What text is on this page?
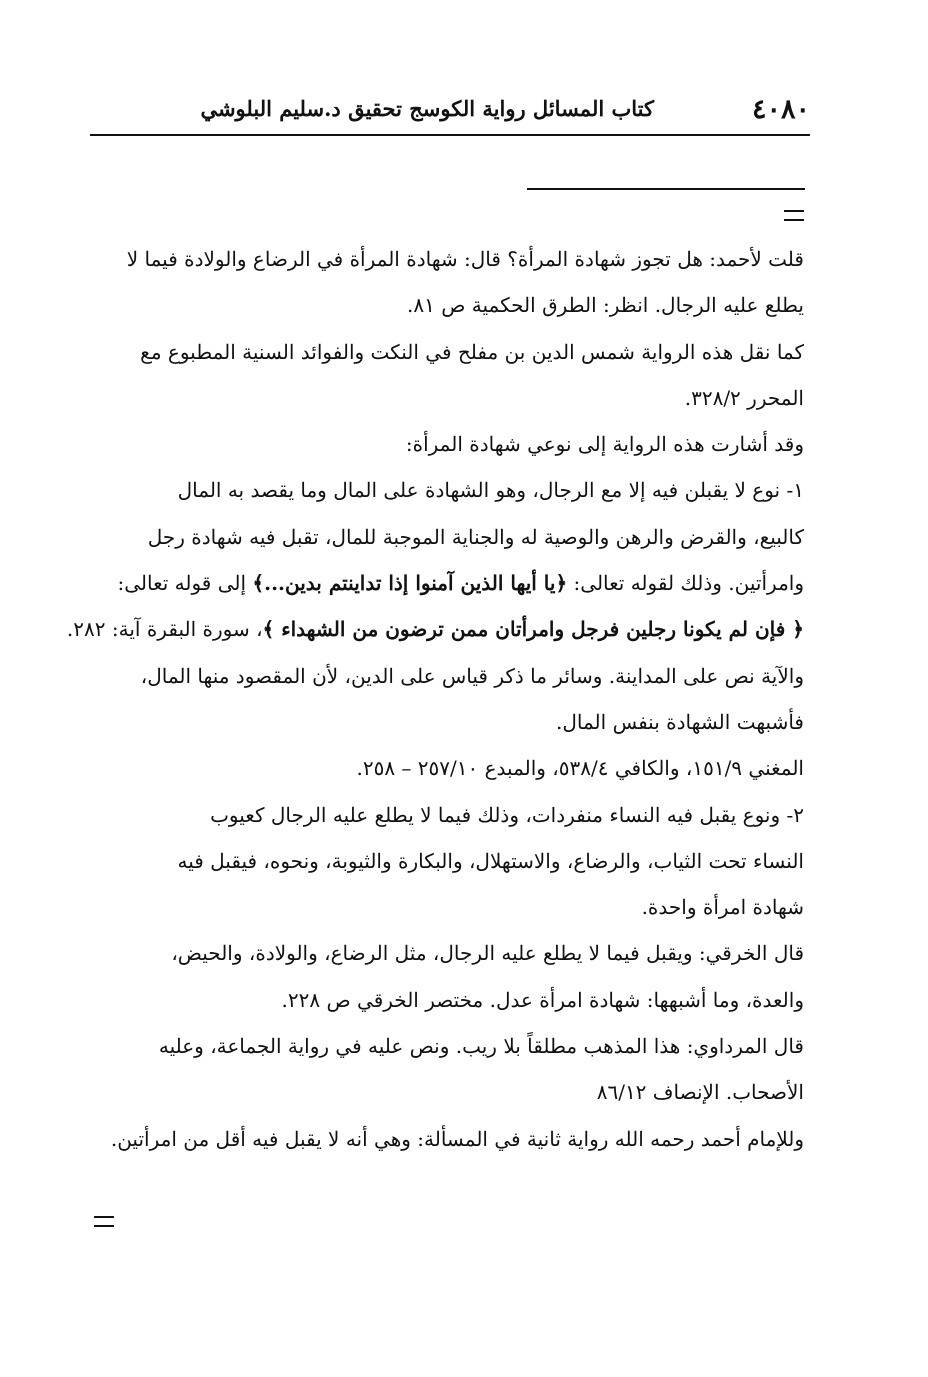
٤٠٨٠
كتاب المسائل رواية الكوسج تحقيق د.سليم البلوشي
قلت لأحمد: هل تجوز شهادة المرأة؟ قال: شهادة المرأة في الرضاع والولادة فيما لا
يطلع عليه الرجال. انظر: الطرق الحكمية ص ٨١.
كما نقل هذه الرواية شمس الدين بن مفلح في النكت والفوائد السنية المطبوع مع
المحرر ٣٢٨/٢.
وقد أشارت هذه الرواية إلى نوعي شهادة المرأة:
١- نوع لا يقبلن فيه إلا مع الرجال، وهو الشهادة على المال وما يقصد به المال
كالبيع، والقرض والرهن والوصية له والجناية الموجبة للمال، تقبل فيه شهادة رجل
وامرأتين. وذلك لقوله تعالى: ﴿يا أيها الذين آمنوا إذا تداينتم بدين...﴾ إلى قوله تعالى:
﴿ فإن لم يكونا رجلين فرجل وامرأتان ممن ترضون من الشهداء ﴾، سورة البقرة آية: ٢٨٢.
والآية نص على المداينة. وسائر ما ذكر قياس على الدين، لأن المقصود منها المال،
فأشبهت الشهادة بنفس المال.
المغني ١٥١/٩، والكافي ٥٣٨/٤، والمبدع ٢٥٧/١٠ – ٢٥٨.
٢- ونوع يقبل فيه النساء منفردات، وذلك فيما لا يطلع عليه الرجال كعيوب
النساء تحت الثياب، والرضاع، والاستهلال، والبكارة والثيوبة، ونحوه، فيقبل فيه
شهادة امرأة واحدة.
قال الخرقي: ويقبل فيما لا يطلع عليه الرجال، مثل الرضاع، والولادة، والحيض،
والعدة، وما أشبهها: شهادة امرأة عدل. مختصر الخرقي ص ٢٢٨.
قال المرداوي: هذا المذهب مطلقاً بلا ريب. ونص عليه في رواية الجماعة، وعليه
الأصحاب. الإنصاف ٨٦/١٢
وللإمام أحمد رحمه الله رواية ثانية في المسألة: وهي أنه لا يقبل فيه أقل من امرأتين.
